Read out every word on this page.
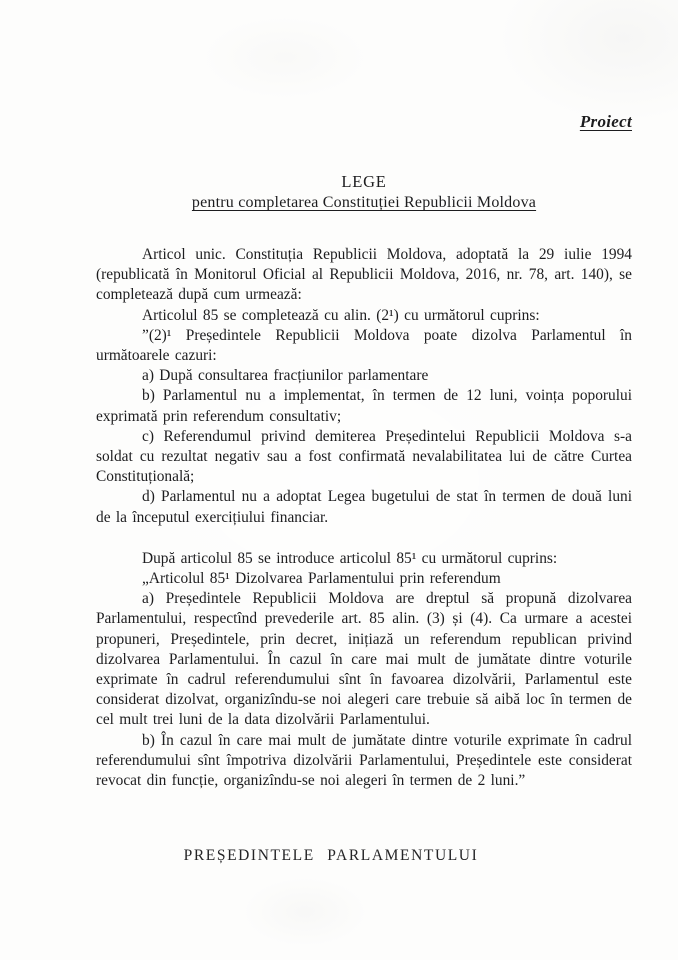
Proiect
LEGE
pentru completarea Constituției Republicii Moldova

Articol unic. Constituția Republicii Moldova, adoptată la 29 iulie 1994 (republicată în Monitorul Oficial al Republicii Moldova, 2016, nr. 78, art. 140), se completează după cum urmează:

Articolul 85 se completează cu alin. (2¹) cu următorul cuprins:

”(2)¹ Președintele Republicii Moldova poate dizolva Parlamentul în următoarele cazuri:

a) După consultarea fracțiunilor parlamentare

b) Parlamentul nu a implementat, în termen de 12 luni, voința poporului exprimată prin referendum consultativ;

c) Referendumul privind demiterea Președintelui Republicii Moldova s-a soldat cu rezultat negativ sau a fost confirmată nevalabilitatea lui de către Curtea Constituțională;

d) Parlamentul nu a adoptat Legea bugetului de stat în termen de două luni de la începutul exercițiului financiar.

După articolul 85 se introduce articolul 85¹ cu următorul cuprins:

„Articolul 85¹ Dizolvarea Parlamentului prin referendum

a) Președintele Republicii Moldova are dreptul să propună dizolvarea Parlamentului, respectînd prevederile art. 85 alin. (3) și (4). Ca urmare a acestei propuneri, Președintele, prin decret, inițiază un referendum republican privind dizolvarea Parlamentului. În cazul în care mai mult de jumătate dintre voturile exprimate în cadrul referendumului sînt în favoarea dizolvării, Parlamentul este considerat dizolvat, organizîndu-se noi alegeri care trebuie să aibă loc în termen de cel mult trei luni de la data dizolvării Parlamentului.

b) În cazul în care mai mult de jumătate dintre voturile exprimate în cadrul referendumului sînt împotriva dizolvării Parlamentului, Președintele este considerat revocat din funcție, organizîndu-se noi alegeri în termen de 2 luni.”

PREȘEDINTELE PARLAMENTULUI
